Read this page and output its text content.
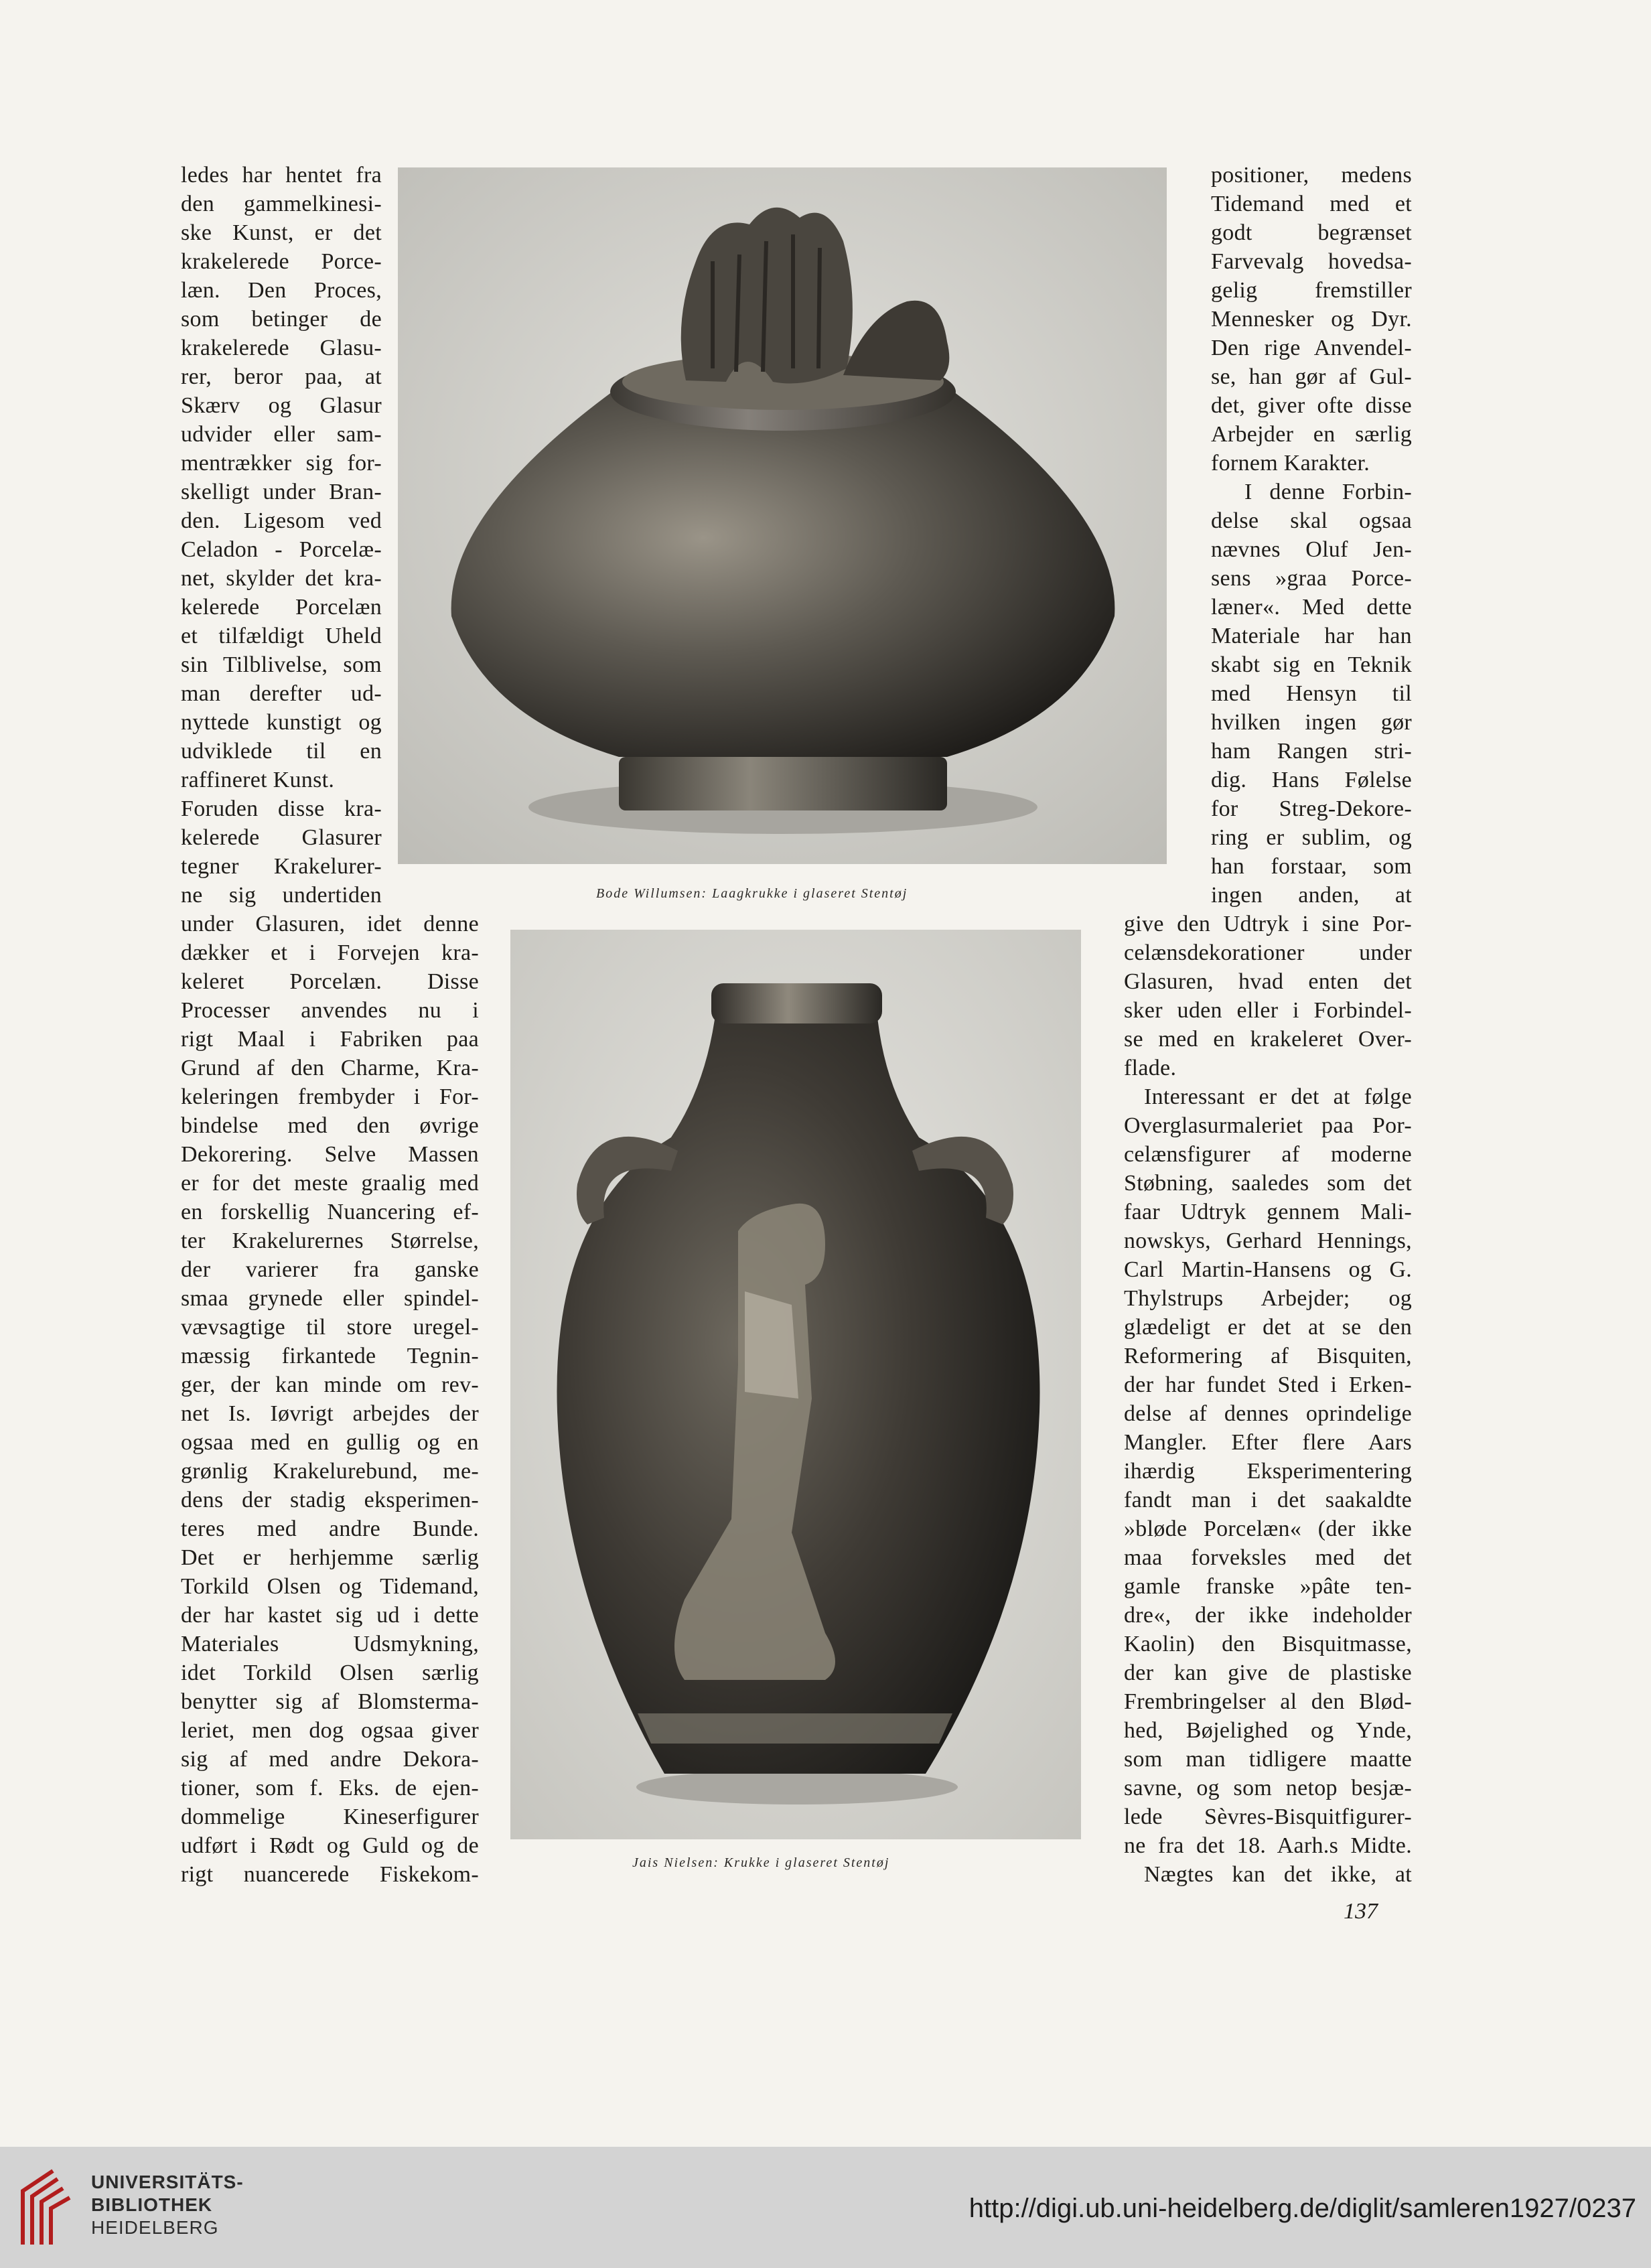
ledes har hentet fra
den gammelkinesi-
ske Kunst, er det
krakelerede Porce-
læn. Den Proces,
som betinger de
krakelerede Glasu-
rer, beror paa, at
Skærv og Glasur
udvider eller sam-
mentrækker sig for-
skelligt under Bran-
den. Ligesom ved
Celadon - Porcelæ-
net, skylder det kra-
kelerede Porcelæn
et tilfældigt Uheld
sin Tilblivelse, som
man derefter ud-
nyttede kunstigt og
udviklede til en
raffineret Kunst.
Foruden disse kra-
kelerede Glasurer
tegner Krakelurer-
ne sig undertiden
under Glasuren, idet denne
dækker et i Forvejen kra-
keleret Porcelæn. Disse
Processer anvendes nu i
rigt Maal i Fabriken paa
Grund af den Charme, Kra-
keleringen frembyder i For-
bindelse med den øvrige
Dekorering. Selve Massen
er for det meste graalig med
en forskellig Nuancering ef-
ter Krakelurernes Størrelse,
der varierer fra ganske
smaa grynede eller spindel-
vævsagtige til store uregel-
mæssig firkantede Tegnin-
ger, der kan minde om rev-
net Is. Iøvrigt arbejdes der
ogsaa med en gullig og en
grønlig Krakelurebund, me-
dens der stadig eksperimen-
teres med andre Bunde.
Det er herhjemme særlig
Torkild Olsen og Tidemand,
der har kastet sig ud i dette
Materiales Udsmykning,
idet Torkild Olsen særlig
benytter sig af Blomsterma-
leriet, men dog ogsaa giver
sig af med andre Dekora-
tioner, som f. Eks. de ejen-
dommelige Kineserfigurer
udført i Rødt og Guld og de
rigt nuancerede Fiskekom-
positioner, medens
Tidemand med et
godt begrænset
Farvevalg hovedsa-
gelig fremstiller
Mennesker og Dyr.
Den rige Anvendel-
se, han gør af Gul-
det, giver ofte disse
Arbejder en særlig
fornem Karakter.
I denne Forbin-
delse skal ogsaa
nævnes Oluf Jen-
sens »graa Porce-
læner«. Med dette
Materiale har han
skabt sig en Teknik
med Hensyn til
hvilken ingen gør
ham Rangen stri-
dig. Hans Følelse
for Streg-Dekore-
ring er sublim, og
han forstaar, som
ingen anden, at
give den Udtryk i sine Por-
celænsdekorationer under
Glasuren, hvad enten det
sker uden eller i Forbindel-
se med en krakeleret Over-
flade.
Interessant er det at følge
Overglasurmaleriet paa Por-
celænsfigurer af moderne
Støbning, saaledes som det
faar Udtryk gennem Mali-
nowskys, Gerhard Hennings,
Carl Martin-Hansens og G.
Thylstrups Arbejder; og
glædeligt er det at se den
Reformering af Bisquiten,
der har fundet Sted i Erken-
delse af dennes oprindelige
Mangler. Efter flere Aars
ihærdig Eksperimentering
fandt man i det saakaldte
»bløde Porcelæn« (der ikke
maa forveksles med det
gamle franske »pâte ten-
dre«, der ikke indeholder
Kaolin) den Bisquitmasse,
der kan give de plastiske
Frembringelser al den Blød-
hed, Bøjelighed og Ynde,
som man tidligere maatte
savne, og som netop besjæ-
lede Sèvres-Bisquitfigurer-
ne fra det 18. Aarh.s Midte.
Nægtes kan det ikke, at
Bode Willumsen: Laagkrukke i glaseret Stentøj
Jais Nielsen: Krukke i glaseret Stentøj
137
UNIVERSITÄTS-
BIBLIOTHEK
HEIDELBERG
http://digi.ub.uni-heidelberg.de/diglit/samleren1927/0237
